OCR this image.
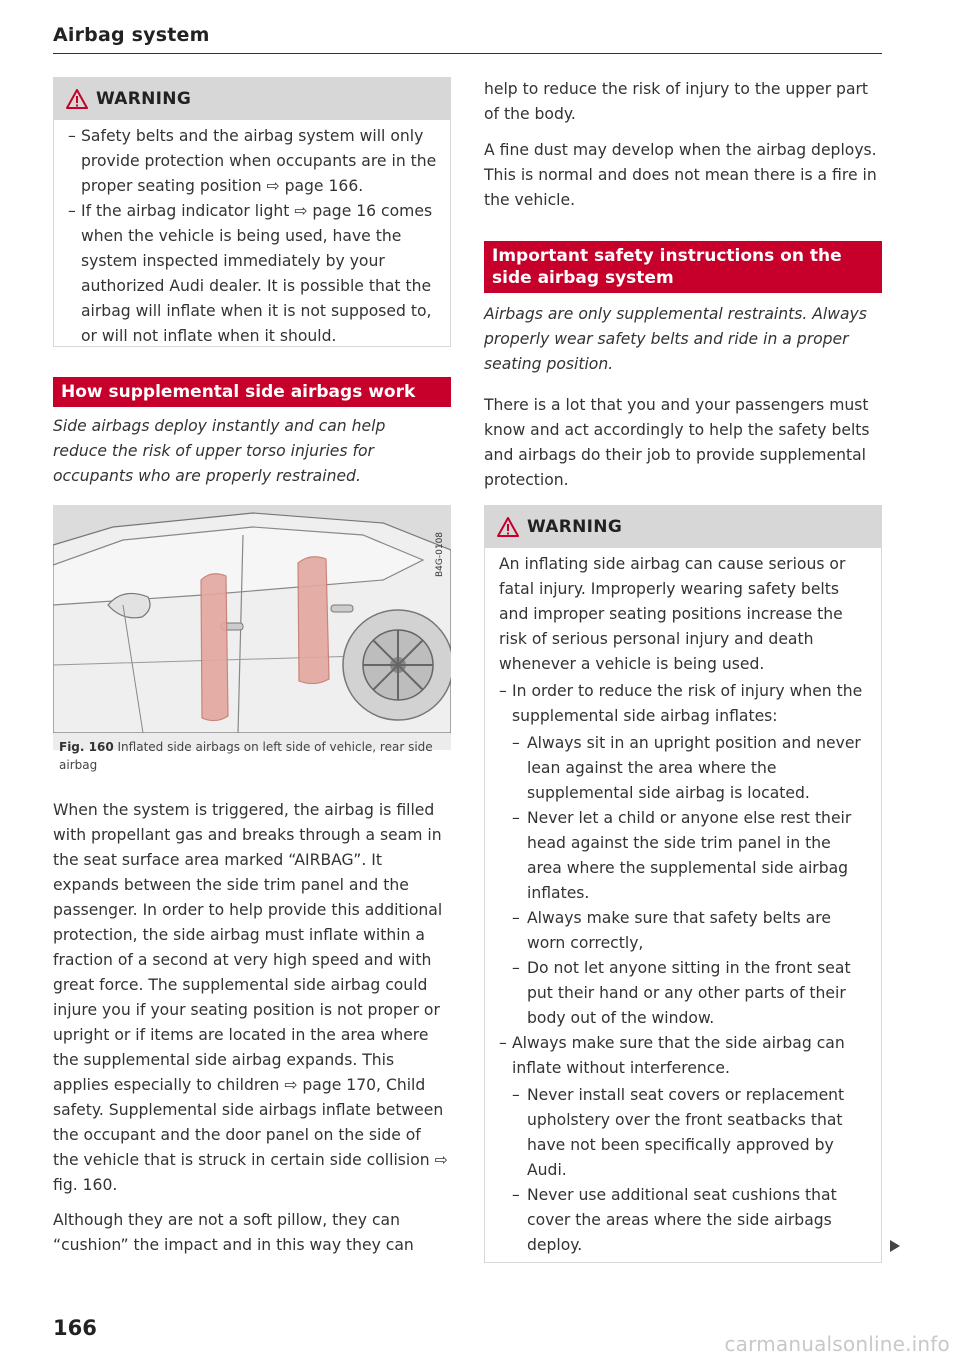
Airbag system
WARNING
– Safety belts and the airbag system will only provide protection when occupants are in the proper seating position ⇨ page 166.
– If the airbag indicator light ⇨ page 16 comes when the vehicle is being used, have the system inspected immediately by your authorized Audi dealer. It is possible that the airbag will inflate when it is not supposed to, or will not inflate when it should.
How supplemental side airbags work

Side airbags deploy instantly and can help reduce the risk of upper torso injuries for occupants who are properly restrained.

B4G-0108
Fig. 160 Inflated side airbags on left side of vehicle, rear side airbag

When the system is triggered, the airbag is filled with propellant gas and breaks through a seam in the seat surface area marked “AIRBAG”. It expands between the side trim panel and the passenger. In order to help provide this additional protection, the side airbag must inflate within a fraction of a second at very high speed and with great force. The supplemental side airbag could injure you if your seating position is not proper or upright or if items are located in the area where the supplemental side airbag expands. This applies especially to children ⇨ page 170, Child safety. Supplemental side airbags inflate between the occupant and the door panel on the side of the vehicle that is struck in certain side collision ⇨ fig. 160.

Although they are not a soft pillow, they can “cushion” the impact and in this way they can

help to reduce the risk of injury to the upper part of the body.

A fine dust may develop when the airbag deploys. This is normal and does not mean there is a fire in the vehicle.

Important safety instructions on the side airbag system

Airbags are only supplemental restraints. Always properly wear safety belts and ride in a proper seating position.

There is a lot that you and your passengers must know and act accordingly to help the safety belts and airbags do their job to provide supplemental protection.

WARNING

An inflating side airbag can cause serious or fatal injury. Improperly wearing safety belts and improper seating positions increase the risk of serious personal injury and death whenever a vehicle is being used.

– In order to reduce the risk of injury when the supplemental side airbag inflates:
– Always sit in an upright position and never lean against the area where the supplemental side airbag is located.
– Never let a child or anyone else rest their head against the side trim panel in the area where the supplemental side airbag inflates.
– Always make sure that safety belts are worn correctly,
– Do not let anyone sitting in the front seat put their hand or any other parts of their body out of the window.
– Always make sure that the side airbag can inflate without interference.
– Never install seat covers or replacement upholstery over the front seatbacks that have not been specifically approved by Audi.
– Never use additional seat cushions that cover the areas where the side airbags deploy.
166
carmanualsonline.info
